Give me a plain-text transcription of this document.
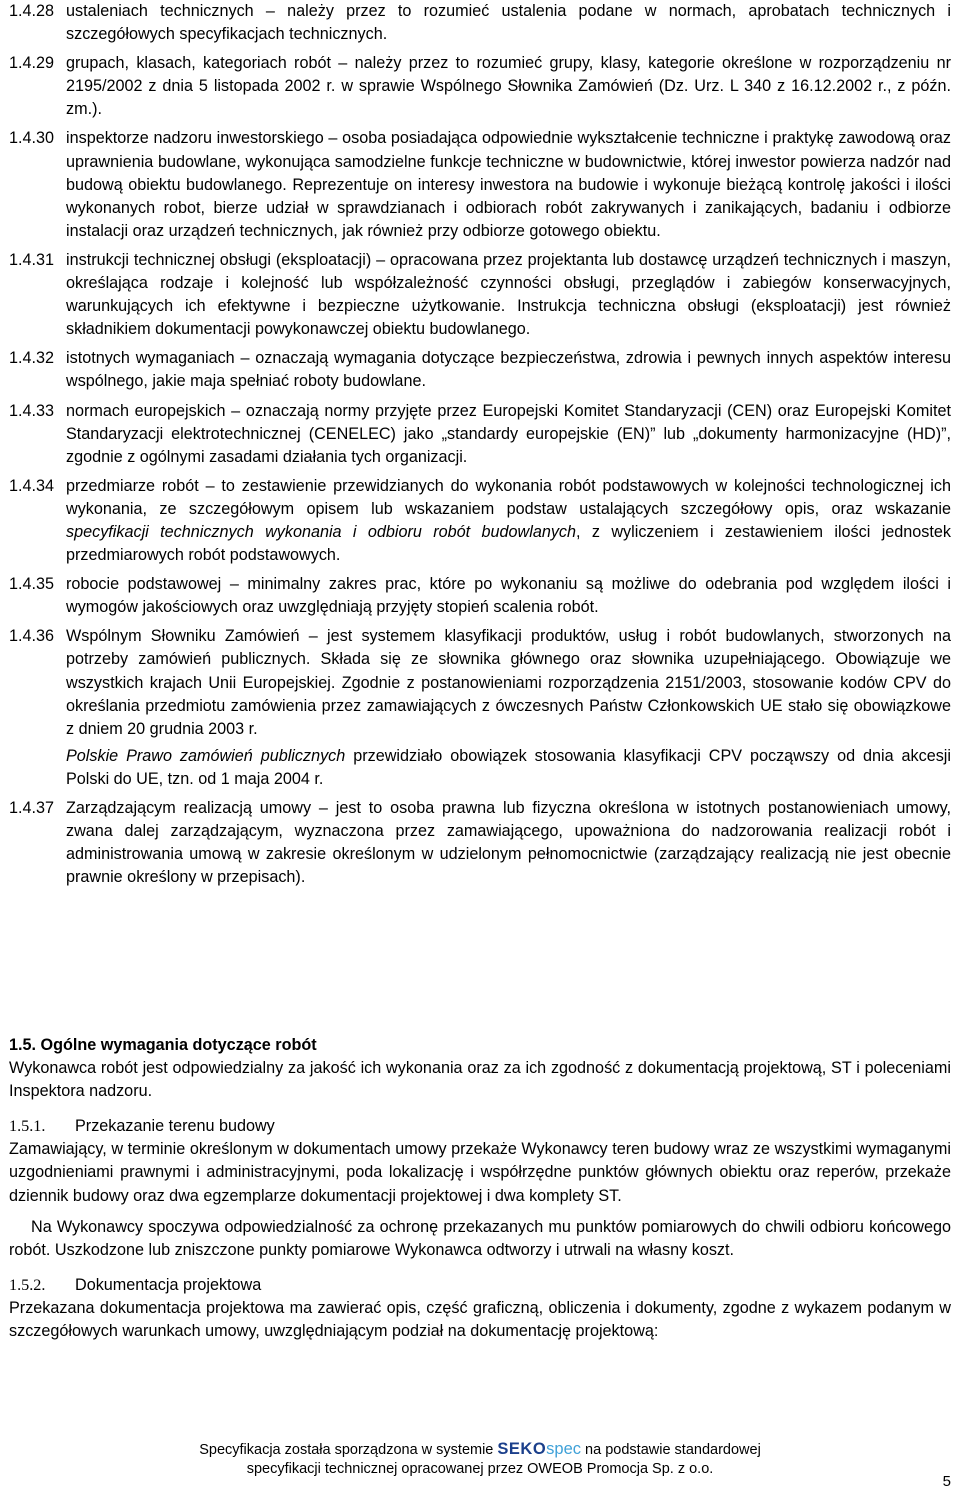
1.4.28 ustaleniach technicznych – należy przez to rozumieć ustalenia podane w normach, aprobatach technicznych i szczegółowych specyfikacjach technicznych.
1.4.29 grupach, klasach, kategoriach robót – należy przez to rozumieć grupy, klasy, kategorie określone w rozporządzeniu nr 2195/2002 z dnia 5 listopada 2002 r. w sprawie Wspólnego Słownika Zamówień (Dz. Urz. L 340 z 16.12.2002 r., z późn. zm.).
1.4.30 inspektorze nadzoru inwestorskiego – osoba posiadająca odpowiednie wykształcenie techniczne i praktykę zawodową oraz uprawnienia budowlane, wykonująca samodzielne funkcje techniczne w budownictwie, której inwestor powierza nadzór nad budową obiektu budowlanego. Reprezentuje on interesy inwestora na budowie i wykonuje bieżącą kontrolę jakości i ilości wykonanych robot, bierze udział w sprawdzianach i odbiorach robót zakrywanych i zanikających, badaniu i odbiorze instalacji oraz urządzeń technicznych, jak również przy odbiorze gotowego obiektu.
1.4.31 instrukcji technicznej obsługi (eksploatacji) – opracowana przez projektanta lub dostawcę urządzeń technicznych i maszyn, określająca rodzaje i kolejność lub współzależność czynności obsługi, przeglądów i zabiegów konserwacyjnych, warunkujących ich efektywne i bezpieczne użytkowanie. Instrukcja techniczna obsługi (eksploatacji) jest również składnikiem dokumentacji powykonawczej obiektu budowlanego.
1.4.32 istotnych wymaganiach – oznaczają wymagania dotyczące bezpieczeństwa, zdrowia i pewnych innych aspektów interesu wspólnego, jakie maja spełniać roboty budowlane.
1.4.33 normach europejskich – oznaczają normy przyjęte przez Europejski Komitet Standaryzacji (CEN) oraz Europejski Komitet Standaryzacji elektrotechnicznej (CENELEC) jako „standardy europejskie (EN)” lub „dokumenty harmonizacyjne (HD)”, zgodnie z ogólnymi zasadami działania tych organizacji.
1.4.34 przedmiarze robót – to zestawienie przewidzianych do wykonania robót podstawowych w kolejności technologicznej ich wykonania, ze szczegółowym opisem lub wskazaniem podstaw ustalających szczegółowy opis, oraz wskazanie specyfikacji technicznych wykonania i odbioru robót budowlanych, z wyliczeniem i zestawieniem ilości jednostek przedmiarowych robót podstawowych.
1.4.35 robocie podstawowej – minimalny zakres prac, które po wykonaniu są możliwe do odebrania pod względem ilości i wymogów jakościowych oraz uwzględniają przyjęty stopień scalenia robót.
1.4.36 Wspólnym Słowniku Zamówień – jest systemem klasyfikacji produktów, usług i robót budowlanych, stworzonych na potrzeby zamówień publicznych. Składa się ze słownika głównego oraz słownika uzupełniającego. Obowiązuje we wszystkich krajach Unii Europejskiej. Zgodnie z postanowieniami rozporządzenia 2151/2003, stosowanie kodów CPV do określania przedmiotu zamówienia przez zamawiających z ówczesnych Państw Członkowskich UE stało się obowiązkowe z dniem 20 grudnia 2003 r.
Polskie Prawo zamówień publicznych przewidziało obowiązek stosowania klasyfikacji CPV począwszy od dnia akcesji Polski do UE, tzn. od 1 maja 2004 r.
1.4.37 Zarządzającym realizacją umowy – jest to osoba prawna lub fizyczna określona w istotnych postanowieniach umowy, zwana dalej zarządzającym, wyznaczona przez zamawiającego, upoważniona do nadzorowania realizacji robót i administrowania umową w zakresie określonym w udzielonym pełnomocnictwie (zarządzający realizacją nie jest obecnie prawnie określony w przepisach).

1.5. Ogólne wymagania dotyczące robót

Wykonawca robót jest odpowiedzialny za jakość ich wykonania oraz za ich zgodność z dokumentacją projektową, ST i poleceniami Inspektora nadzoru.

1.5.1. Przekazanie terenu budowy

Zamawiający, w terminie określonym w dokumentach umowy przekaże Wykonawcy teren budowy wraz ze wszystkimi wymaganymi uzgodnieniami prawnymi i administracyjnymi, poda lokalizację i współrzędne punktów głównych obiektu oraz reperów, przekaże dziennik budowy oraz dwa egzemplarze dokumentacji projektowej i dwa komplety ST.

Na Wykonawcy spoczywa odpowiedzialność za ochronę przekazanych mu punktów pomiarowych do chwili odbioru końcowego robót. Uszkodzone lub zniszczone punkty pomiarowe Wykonawca odtworzy i utrwali na własny koszt.

1.5.2. Dokumentacja projektowa

Przekazana dokumentacja projektowa ma zawierać opis, część graficzną, obliczenia i dokumenty, zgodne z wykazem podanym w szczegółowych warunkach umowy, uwzględniającym podział na dokumentację projektową:

Specyfikacja została sporządzona w systemie SEKOspec na podstawie standardowej
specyfikacji technicznej opracowanej przez OWEOB Promocja Sp. z o.o.
5
